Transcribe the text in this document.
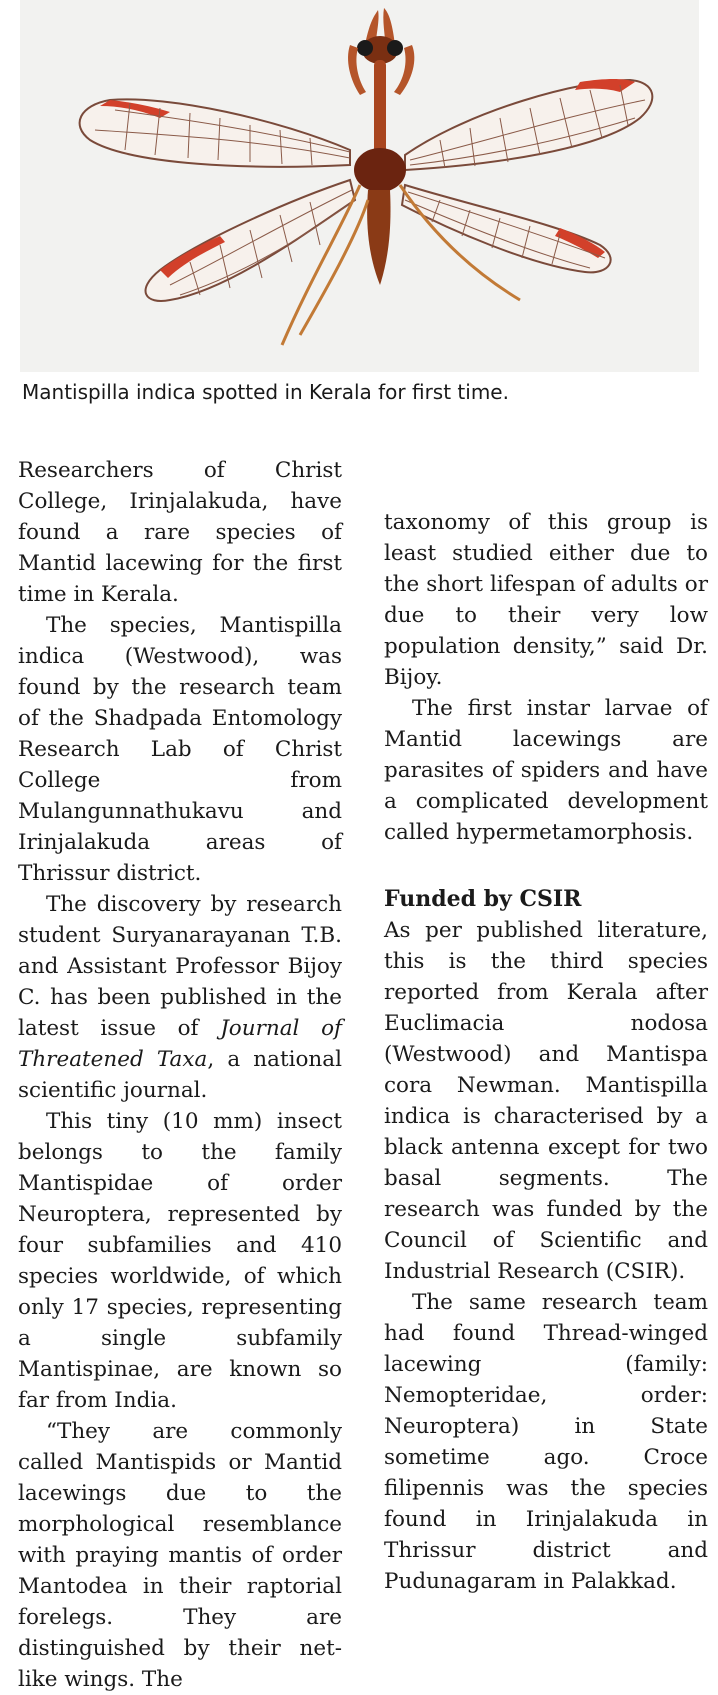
Mantispilla indica spotted in Kerala for first time.

Researchers of Christ College, Irinjalakuda, have found a rare species of Mantid lacewing for the first time in Kerala.

The species, Mantispilla indica (Westwood), was found by the research team of the Shadpada Entomology Research Lab of Christ College from Mulangunnathukavu and Irinjalakuda areas of Thrissur district.

The discovery by research student Suryanarayanan T.B. and Assistant Professor Bijoy C. has been published in the latest issue of Journal of Threatened Taxa, a national scientific journal.

This tiny (10 mm) insect belongs to the family Mantispidae of order Neuroptera, represented by four subfamilies and 410 species worldwide, of which only 17 species, representing a single subfamily Mantispinae, are known so far from India.

“They are commonly called Mantispids or Mantid lacewings due to the morphological resemblance with praying mantis of order Mantodea in their raptorial forelegs. They are distinguished by their net-like wings. The

taxonomy of this group is least studied either due to the short lifespan of adults or due to their very low population density,” said Dr. Bijoy.

The first instar larvae of Mantid lacewings are parasites of spiders and have a complicated development called hypermetamorphosis.

Funded by CSIR

As per published literature, this is the third species reported from Kerala after Euclimacia nodosa (Westwood) and Mantispa cora Newman. Mantispilla indica is characterised by a black antenna except for two basal segments. The research was funded by the Council of Scientific and Industrial Research (CSIR).

The same research team had found Thread-winged lacewing (family: Nemopteridae, order: Neuroptera) in State sometime ago. Croce filipennis was the species found in Irinjalakuda in Thrissur district and Pudunagaram in Palakkad.
